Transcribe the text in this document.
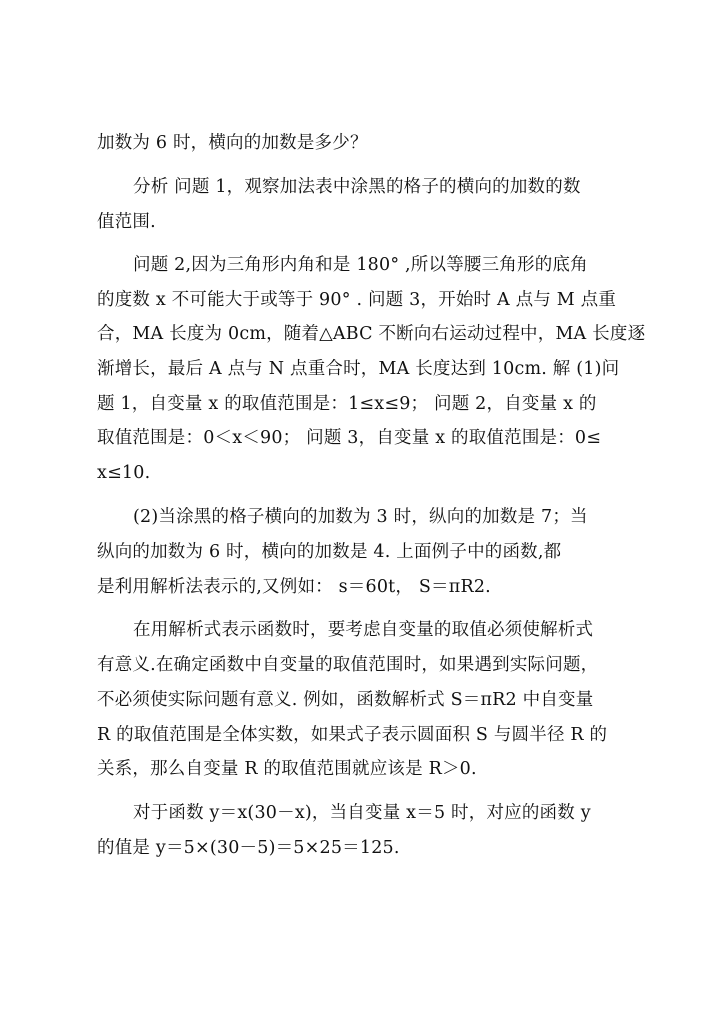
加数为 6 时，横向的加数是多少？
分析 问题 1，观察加法表中涂黑的格子的横向的加数的数
值范围.
问题 2,因为三角形内角和是 180° ,所以等腰三角形的底角
的度数 x 不可能大于或等于 90° . 问题 3，开始时 A 点与 M 点重
合，MA 长度为 0cm，随着△ABC 不断向右运动过程中，MA 长度逐
渐增长，最后 A 点与 N 点重合时，MA 长度达到 10cm. 解 (1)问
题 1，自变量 x 的取值范围是：1≤x≤9； 问题 2，自变量 x 的
取值范围是：0＜x＜90； 问题 3，自变量 x 的取值范围是：0≤
x≤10.
(2)当涂黑的格子横向的加数为 3 时，纵向的加数是 7；当
纵向的加数为 6 时，横向的加数是 4. 上面例子中的函数,都
是利用解析法表示的,又例如： s＝60t， S＝πR2.
在用解析式表示函数时，要考虑自变量的取值必须使解析式
有意义.在确定函数中自变量的取值范围时，如果遇到实际问题，
不必须使实际问题有意义. 例如，函数解析式 S＝πR2 中自变量
R 的取值范围是全体实数，如果式子表示圆面积 S 与圆半径 R 的
关系，那么自变量 R 的取值范围就应该是 R＞0.
对于函数 y＝x(30－x)，当自变量 x＝5 时，对应的函数 y
的值是 y＝5×(30－5)＝5×25＝125.
